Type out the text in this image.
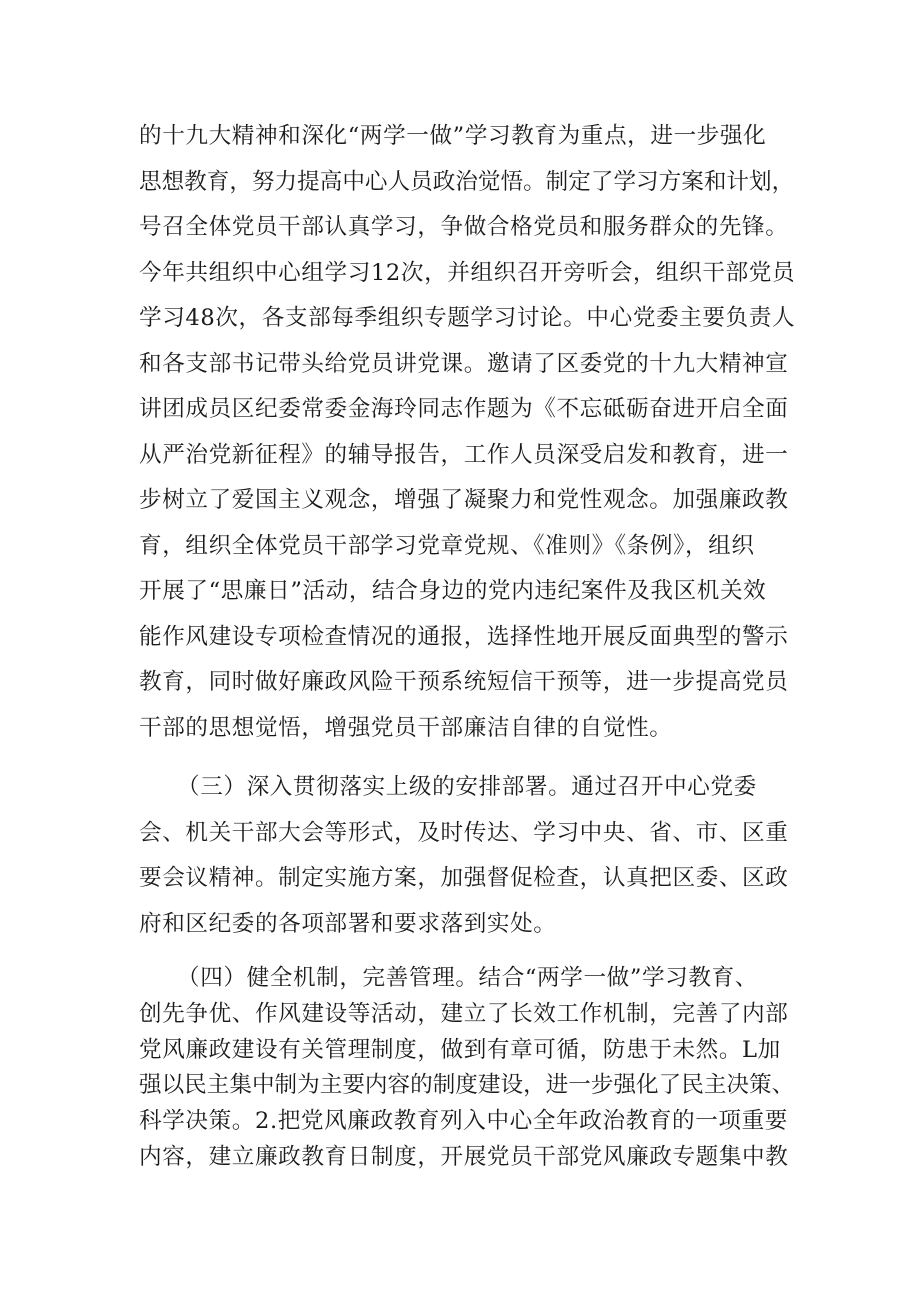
的十九大精神和深化“两学一做”学习教育为重点，进一步强化
思想教育，努力提高中心人员政治觉悟。制定了学习方案和计划，
号召全体党员干部认真学习，争做合格党员和服务群众的先锋。
今年共组织中心组学习12次，并组织召开旁听会，组织干部党员
学习48次，各支部每季组织专题学习讨论。中心党委主要负责人
和各支部书记带头给党员讲党课。邀请了区委党的十九大精神宣
讲团成员区纪委常委金海玲同志作题为《不忘砥砺奋进开启全面
从严治党新征程》的辅导报告，工作人员深受启发和教育，进一
步树立了爱国主义观念，增强了凝聚力和党性观念。加强廉政教
育，组织全体党员干部学习党章党规、《准则》《条例》，组织
开展了“思廉日”活动，结合身边的党内违纪案件及我区机关效
能作风建设专项检查情况的通报，选择性地开展反面典型的警示
教育，同时做好廉政风险干预系统短信干预等，进一步提高党员
干部的思想觉悟，增强党员干部廉洁自律的自觉性。
（三）深入贯彻落实上级的安排部署。通过召开中心党委
会、机关干部大会等形式，及时传达、学习中央、省、市、区重
要会议精神。制定实施方案，加强督促检查，认真把区委、区政
府和区纪委的各项部署和要求落到实处。
（四）健全机制，完善管理。结合“两学一做”学习教育、
创先争优、作风建设等活动，建立了长效工作机制，完善了内部
党风廉政建设有关管理制度，做到有章可循，防患于未然。L加
强以民主集中制为主要内容的制度建设，进一步强化了民主决策、
科学决策。2.把党风廉政教育列入中心全年政治教育的一项重要
内容，建立廉政教育日制度，开展党员干部党风廉政专题集中教
